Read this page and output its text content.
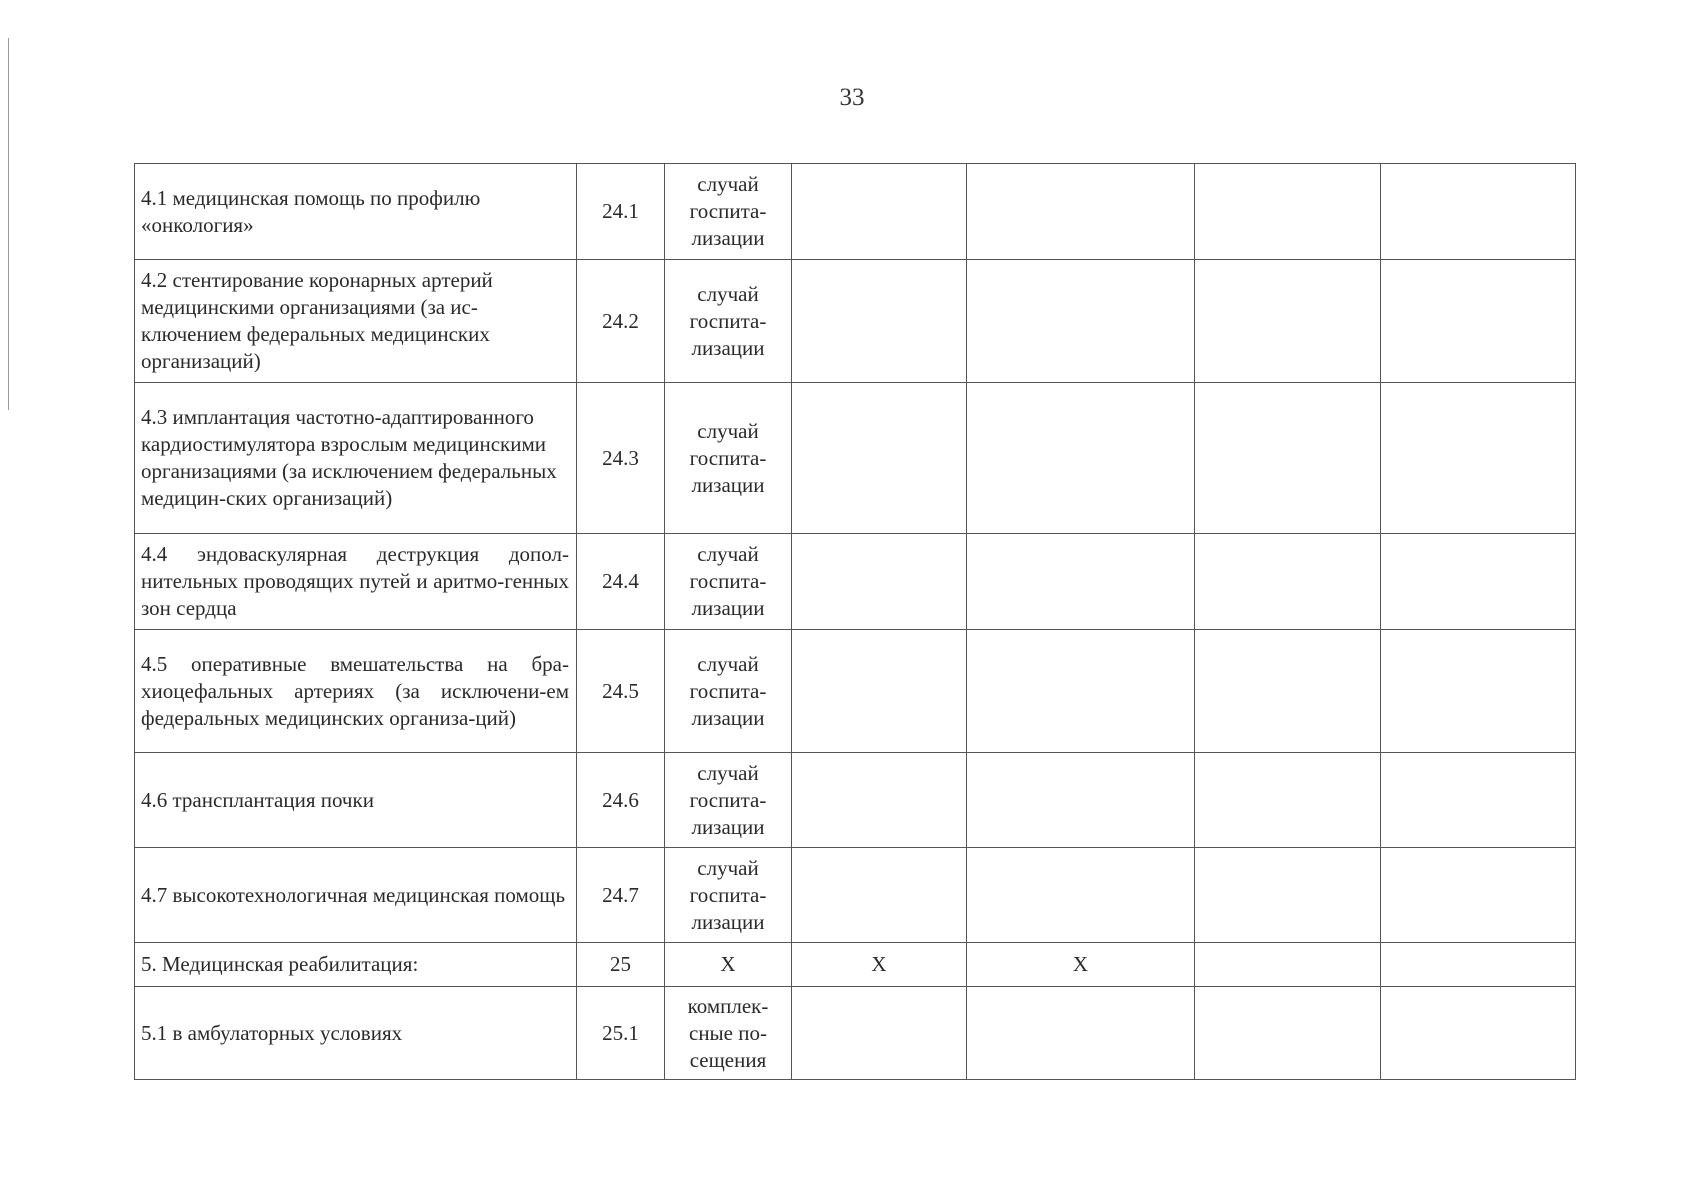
33
4.1 медицинская помощь по профилю «онкология»	24.1	случай госпита-лизации				
4.2 стентирование коронарных артерий медицинскими организациями (за ис-ключением федеральных медицинских организаций)	24.2	случай госпита-лизации				
4.3 имплантация частотно-адаптированного кардиостимулятора взрослым медицинскими организациями (за исключением федеральных медицин-ских организаций)	24.3	случай госпита-лизации				
4.4 эндоваскулярная деструкция допол-нительных проводящих путей и аритмо-генных зон сердца	24.4	случай госпита-лизации				
4.5 оперативные вмешательства на бра-хиоцефальных артериях (за исключени-ем федеральных медицинских организа-ций)	24.5	случай госпита-лизации				
4.6 трансплантация почки	24.6	случай госпита-лизации				
4.7 высокотехнологичная медицинская помощь	24.7	случай госпита-лизации				
5. Медицинская реабилитация:	25	X	X	X		
5.1 в амбулаторных условиях	25.1	комплек-сные по-сещения				
